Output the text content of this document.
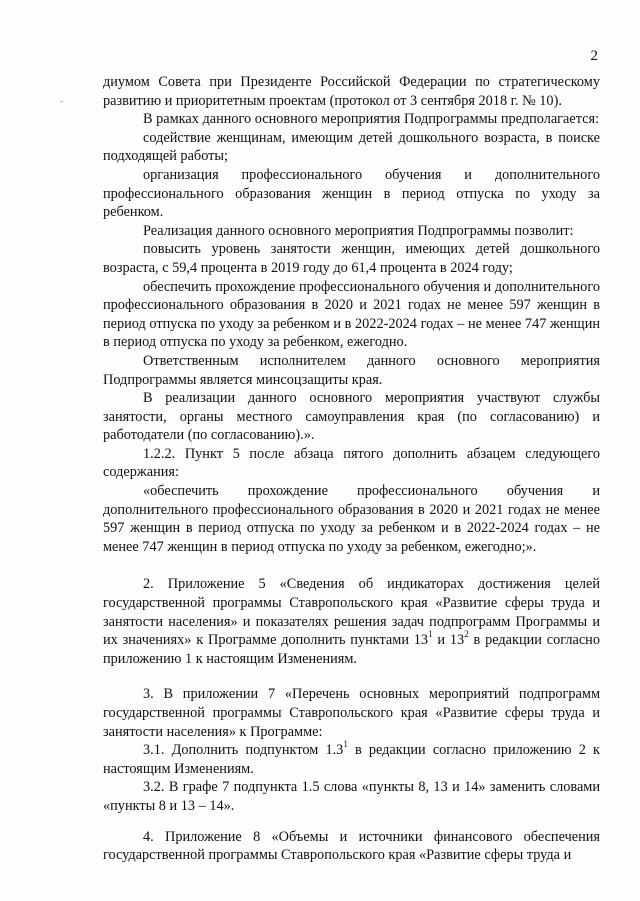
2
ˉ

диумом Совета при Президенте Российской Федерации по стратегическому развитию и приоритетным проектам (протокол от 3 сентября 2018 г. № 10).

В рамках данного основного мероприятия Подпрограммы предполагается:

содействие женщинам, имеющим детей дошкольного возраста, в поиске подходящей работы;

организация профессионального обучения и дополнительного профессионального образования женщин в период отпуска по уходу за ребенком.

Реализация данного основного мероприятия Подпрограммы позволит:

повысить уровень занятости женщин, имеющих детей дошкольного возраста, с 59,4 процента в 2019 году до 61,4 процента в 2024 году;

обеспечить прохождение профессионального обучения и дополнительного профессионального образования в 2020 и 2021 годах не менее 597 женщин в период отпуска по уходу за ребенком и в 2022-2024 годах – не менее 747 женщин в период отпуска по уходу за ребенком, ежегодно.

Ответственным исполнителем данного основного мероприятия Подпрограммы является минсоцзащиты края.

В реализации данного основного мероприятия участвуют службы занятости, органы местного самоуправления края (по согласованию) и работодатели (по согласованию).».

1.2.2. Пункт 5 после абзаца пятого дополнить абзацем следующего содержания:

«обеспечить прохождение профессионального обучения и дополнительного профессионального образования в 2020 и 2021 годах не менее 597 женщин в период отпуска по уходу за ребенком и в 2022-2024 годах – не менее 747 женщин в период отпуска по уходу за ребенком, ежегодно;».

2. Приложение 5 «Сведения об индикаторах достижения целей государственной программы Ставропольского края «Развитие сферы труда и занятости населения» и показателях решения задач подпрограмм Программы и их значениях» к Программе дополнить пунктами $13^1$ и $13^2$ в редакции согласно приложению 1 к настоящим Изменениям.

3. В приложении 7 «Перечень основных мероприятий подпрограмм государственной программы Ставропольского края «Развитие сферы труда и занятости населения» к Программе:

3.1. Дополнить подпунктом $1.3^1$ в редакции согласно приложению 2 к настоящим Изменениям.

3.2. В графе 7 подпункта 1.5 слова «пункты 8, 13 и 14» заменить словами «пункты 8 и 13 – 14».

4. Приложение 8 «Объемы и источники финансового обеспечения государственной программы Ставропольского края «Развитие сферы труда и
